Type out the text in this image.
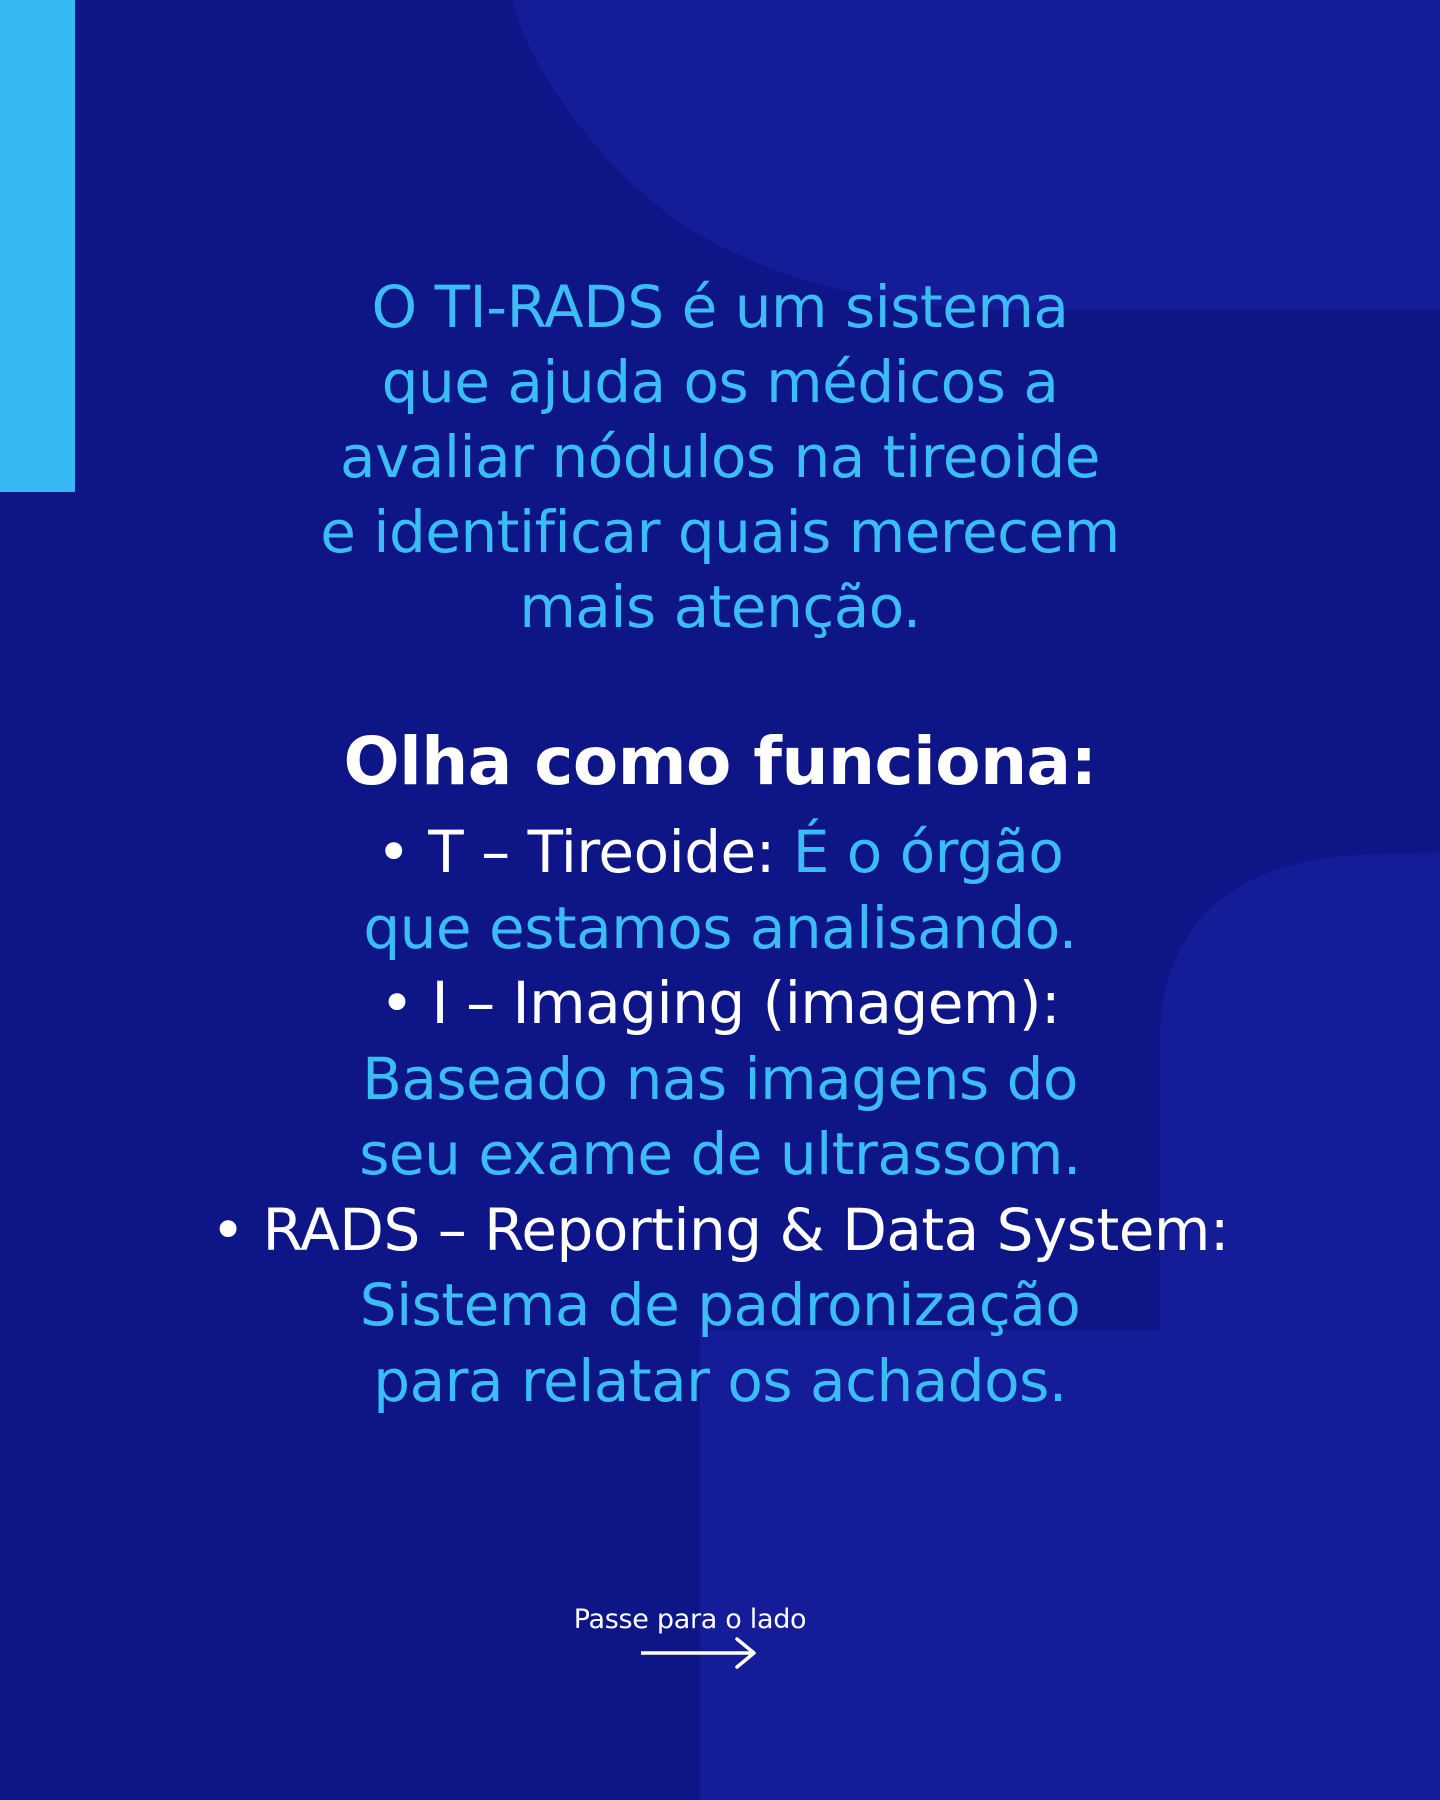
O TI-RADS é um sistema
que ajuda os médicos a
avaliar nódulos na tireoide
e identificar quais merecem
mais atenção.

Olha como funciona:
• T – Tireoide: É o órgão
que estamos analisando.
• I – Imaging (imagem):
Baseado nas imagens do
seu exame de ultrassom.
• RADS – Reporting & Data System:
Sistema de padronização
para relatar os achados.
Passe para o lado
